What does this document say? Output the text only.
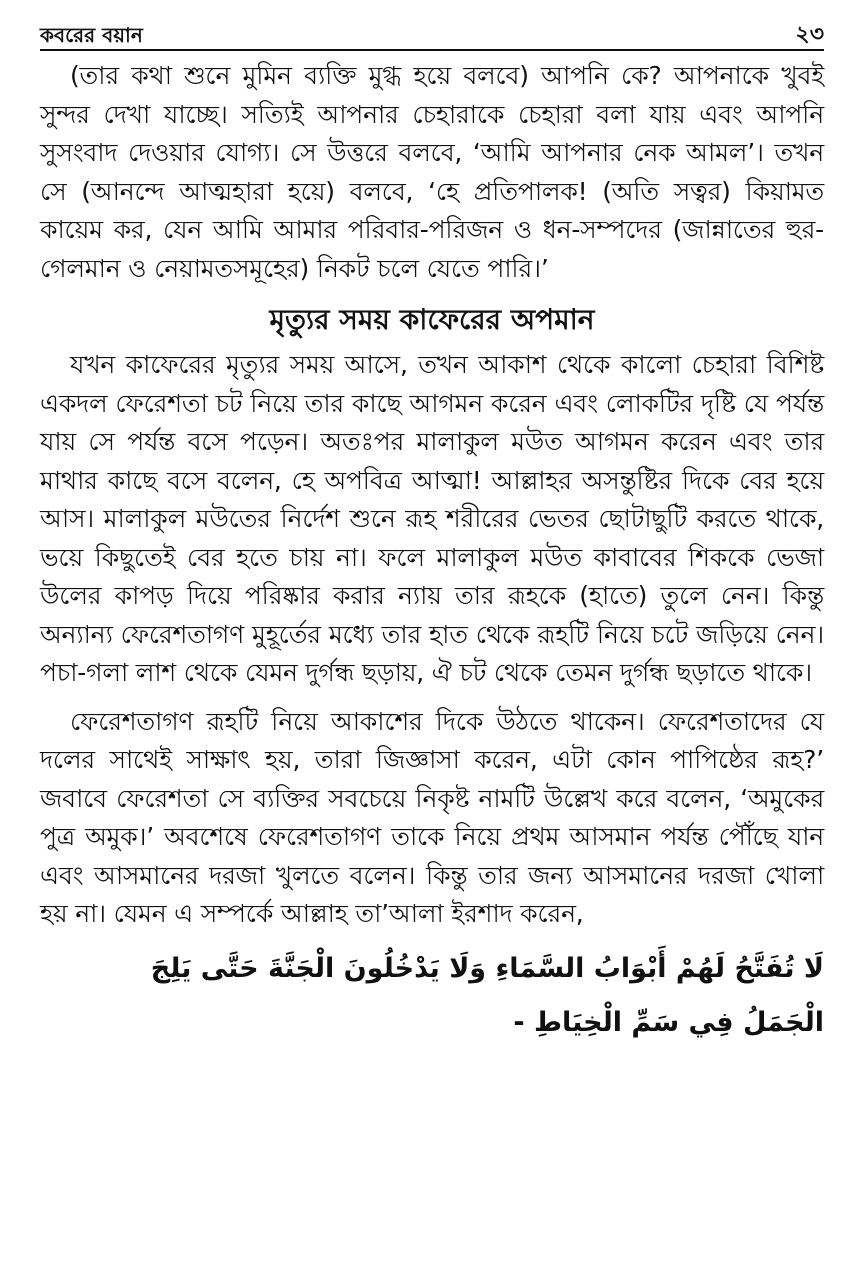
কবরের বয়ান	২৩

(তার কথা শুনে মুমিন ব্যক্তি মুগ্ধ হয়ে বলবে) আপনি কে? আপনাকে খুবই সুন্দর দেখা যাচ্ছে। সত্যিই আপনার চেহারাকে চেহারা বলা যায় এবং আপনি সুসংবাদ দেওয়ার যোগ্য। সে উত্তরে বলবে, ‘আমি আপনার নেক আমল’। তখন সে (আনন্দে আত্মহারা হয়ে) বলবে, ‘হে প্রতিপালক! (অতি সত্বর) কিয়ামত কায়েম কর, যেন আমি আমার পরিবার-পরিজন ও ধন-সম্পদের (জান্নাতের হুর-গেলমান ও নেয়ামতসমূহের) নিকট চলে যেতে পারি।’

মৃত্যুর সময় কাফেরের অপমান

যখন কাফেরের মৃত্যুর সময় আসে, তখন আকাশ থেকে কালো চেহারা বিশিষ্ট একদল ফেরেশতা চট নিয়ে তার কাছে আগমন করেন এবং লোকটির দৃষ্টি যে পর্যন্ত যায় সে পর্যন্ত বসে পড়েন। অতঃপর মালাকুল মউত আগমন করেন এবং তার মাথার কাছে বসে বলেন, হে অপবিত্র আত্মা! আল্লাহর অসন্তুষ্টির দিকে বের হয়ে আস। মালাকুল মউতের নির্দেশ শুনে রূহ শরীরের ভেতর ছোটাছুটি করতে থাকে, ভয়ে কিছুতেই বের হতে চায় না। ফলে মালাকুল মউত কাবাবের শিককে ভেজা উলের কাপড় দিয়ে পরিষ্কার করার ন্যায় তার রূহকে (হাতে) তুলে নেন। কিন্তু অন্যান্য ফেরেশতাগণ মুহূর্তের মধ্যে তার হাত থেকে রূহটি নিয়ে চটে জড়িয়ে নেন। পচা-গলা লাশ থেকে যেমন দুর্গন্ধ ছড়ায়, ঐ চট থেকে তেমন দুর্গন্ধ ছড়াতে থাকে।

ফেরেশতাগণ রূহটি নিয়ে আকাশের দিকে উঠতে থাকেন। ফেরেশতাদের যে দলের সাথেই সাক্ষাৎ হয়, তারা জিজ্ঞাসা করেন, এটা কোন পাপিষ্ঠের রূহ?’ জবাবে ফেরেশতা সে ব্যক্তির সবচেয়ে নিকৃষ্ট নামটি উল্লেখ করে বলেন, ‘অমুকের পুত্র অমুক।’ অবশেষে ফেরেশতাগণ তাকে নিয়ে প্রথম আসমান পর্যন্ত পৌঁছে যান এবং আসমানের দরজা খুলতে বলেন। কিন্তু তার জন্য আসমানের দরজা খোলা হয় না। যেমন এ সম্পর্কে আল্লাহ তা’আলা ইরশাদ করেন,

لَا تُفَتَّحُ لَهُمْ أَبْوَابُ السَّمَاءِ وَلَا يَدْخُلُونَ الْجَنَّةَ حَتَّى يَلِجَ
الْجَمَلُ فِي سَمِّ الْخِيَاطِ -
